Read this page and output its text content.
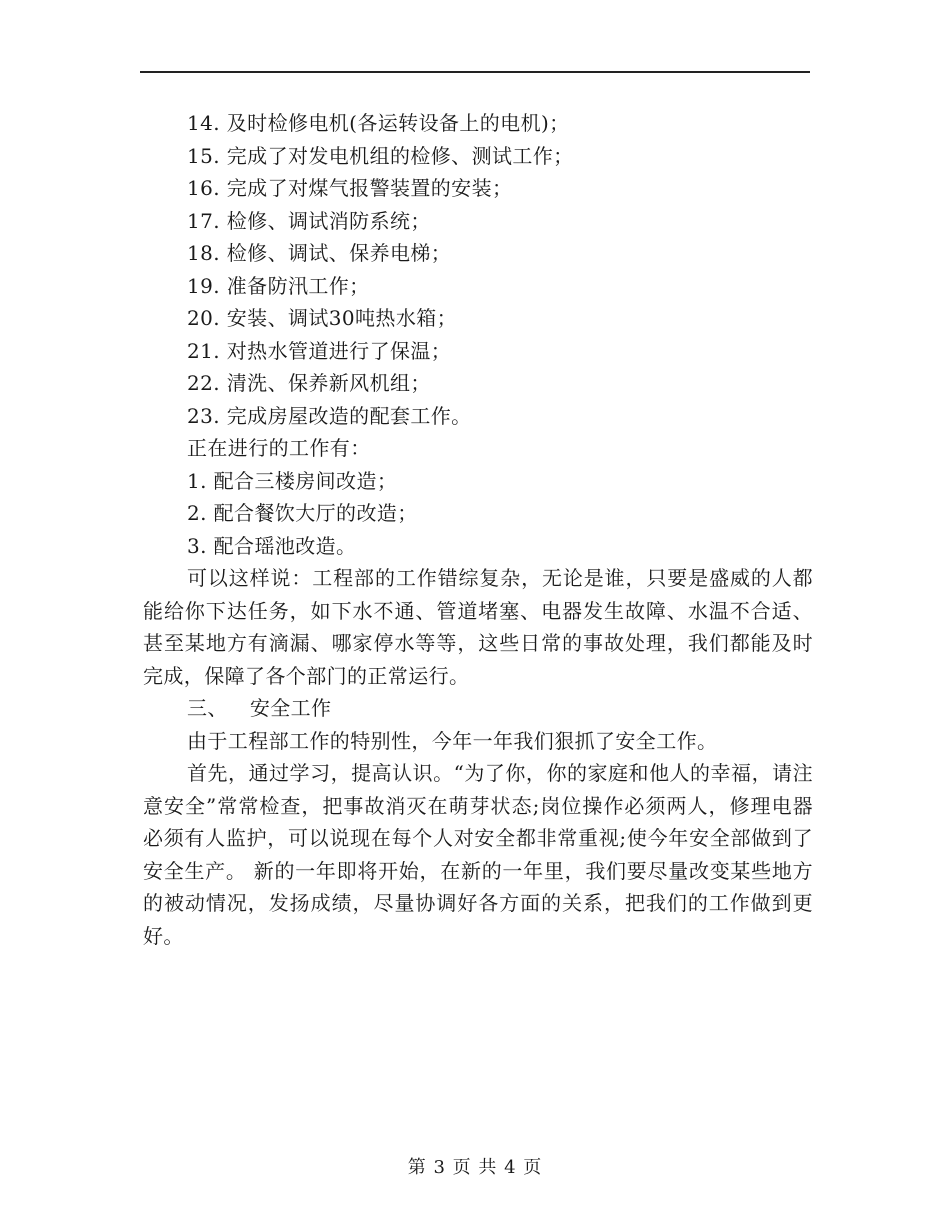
14. 及时检修电机(各运转设备上的电机)；
15. 完成了对发电机组的检修、测试工作；
16. 完成了对煤气报警装置的安装；
17. 检修、调试消防系统；
18. 检修、调试、保养电梯；
19. 准备防汛工作；
20. 安装、调试30吨热水箱；
21. 对热水管道进行了保温；
22. 清洗、保养新风机组；
23. 完成房屋改造的配套工作。
正在进行的工作有：
1. 配合三楼房间改造；
2. 配合餐饮大厅的改造；
3. 配合瑶池改造。
可以这样说：工程部的工作错综复杂，无论是谁，只要是盛威的人都能给你下达任务，如下水不通、管道堵塞、电器发生故障、水温不合适、甚至某地方有滴漏、哪家停水等等，这些日常的事故处理，我们都能及时完成，保障了各个部门的正常运行。
三、 安全工作
由于工程部工作的特别性，今年一年我们狠抓了安全工作。
首先，通过学习，提高认识。“为了你，你的家庭和他人的幸福，请注意安全”常常检查，把事故消灭在萌芽状态;岗位操作必须两人，修理电器必须有人监护，可以说现在每个人对安全都非常重视;使今年安全部做到了安全生产。 新的一年即将开始，在新的一年里，我们要尽量改变某些地方的被动情况，发扬成绩，尽量协调好各方面的关系，把我们的工作做到更好。
第 3 页 共 4 页
